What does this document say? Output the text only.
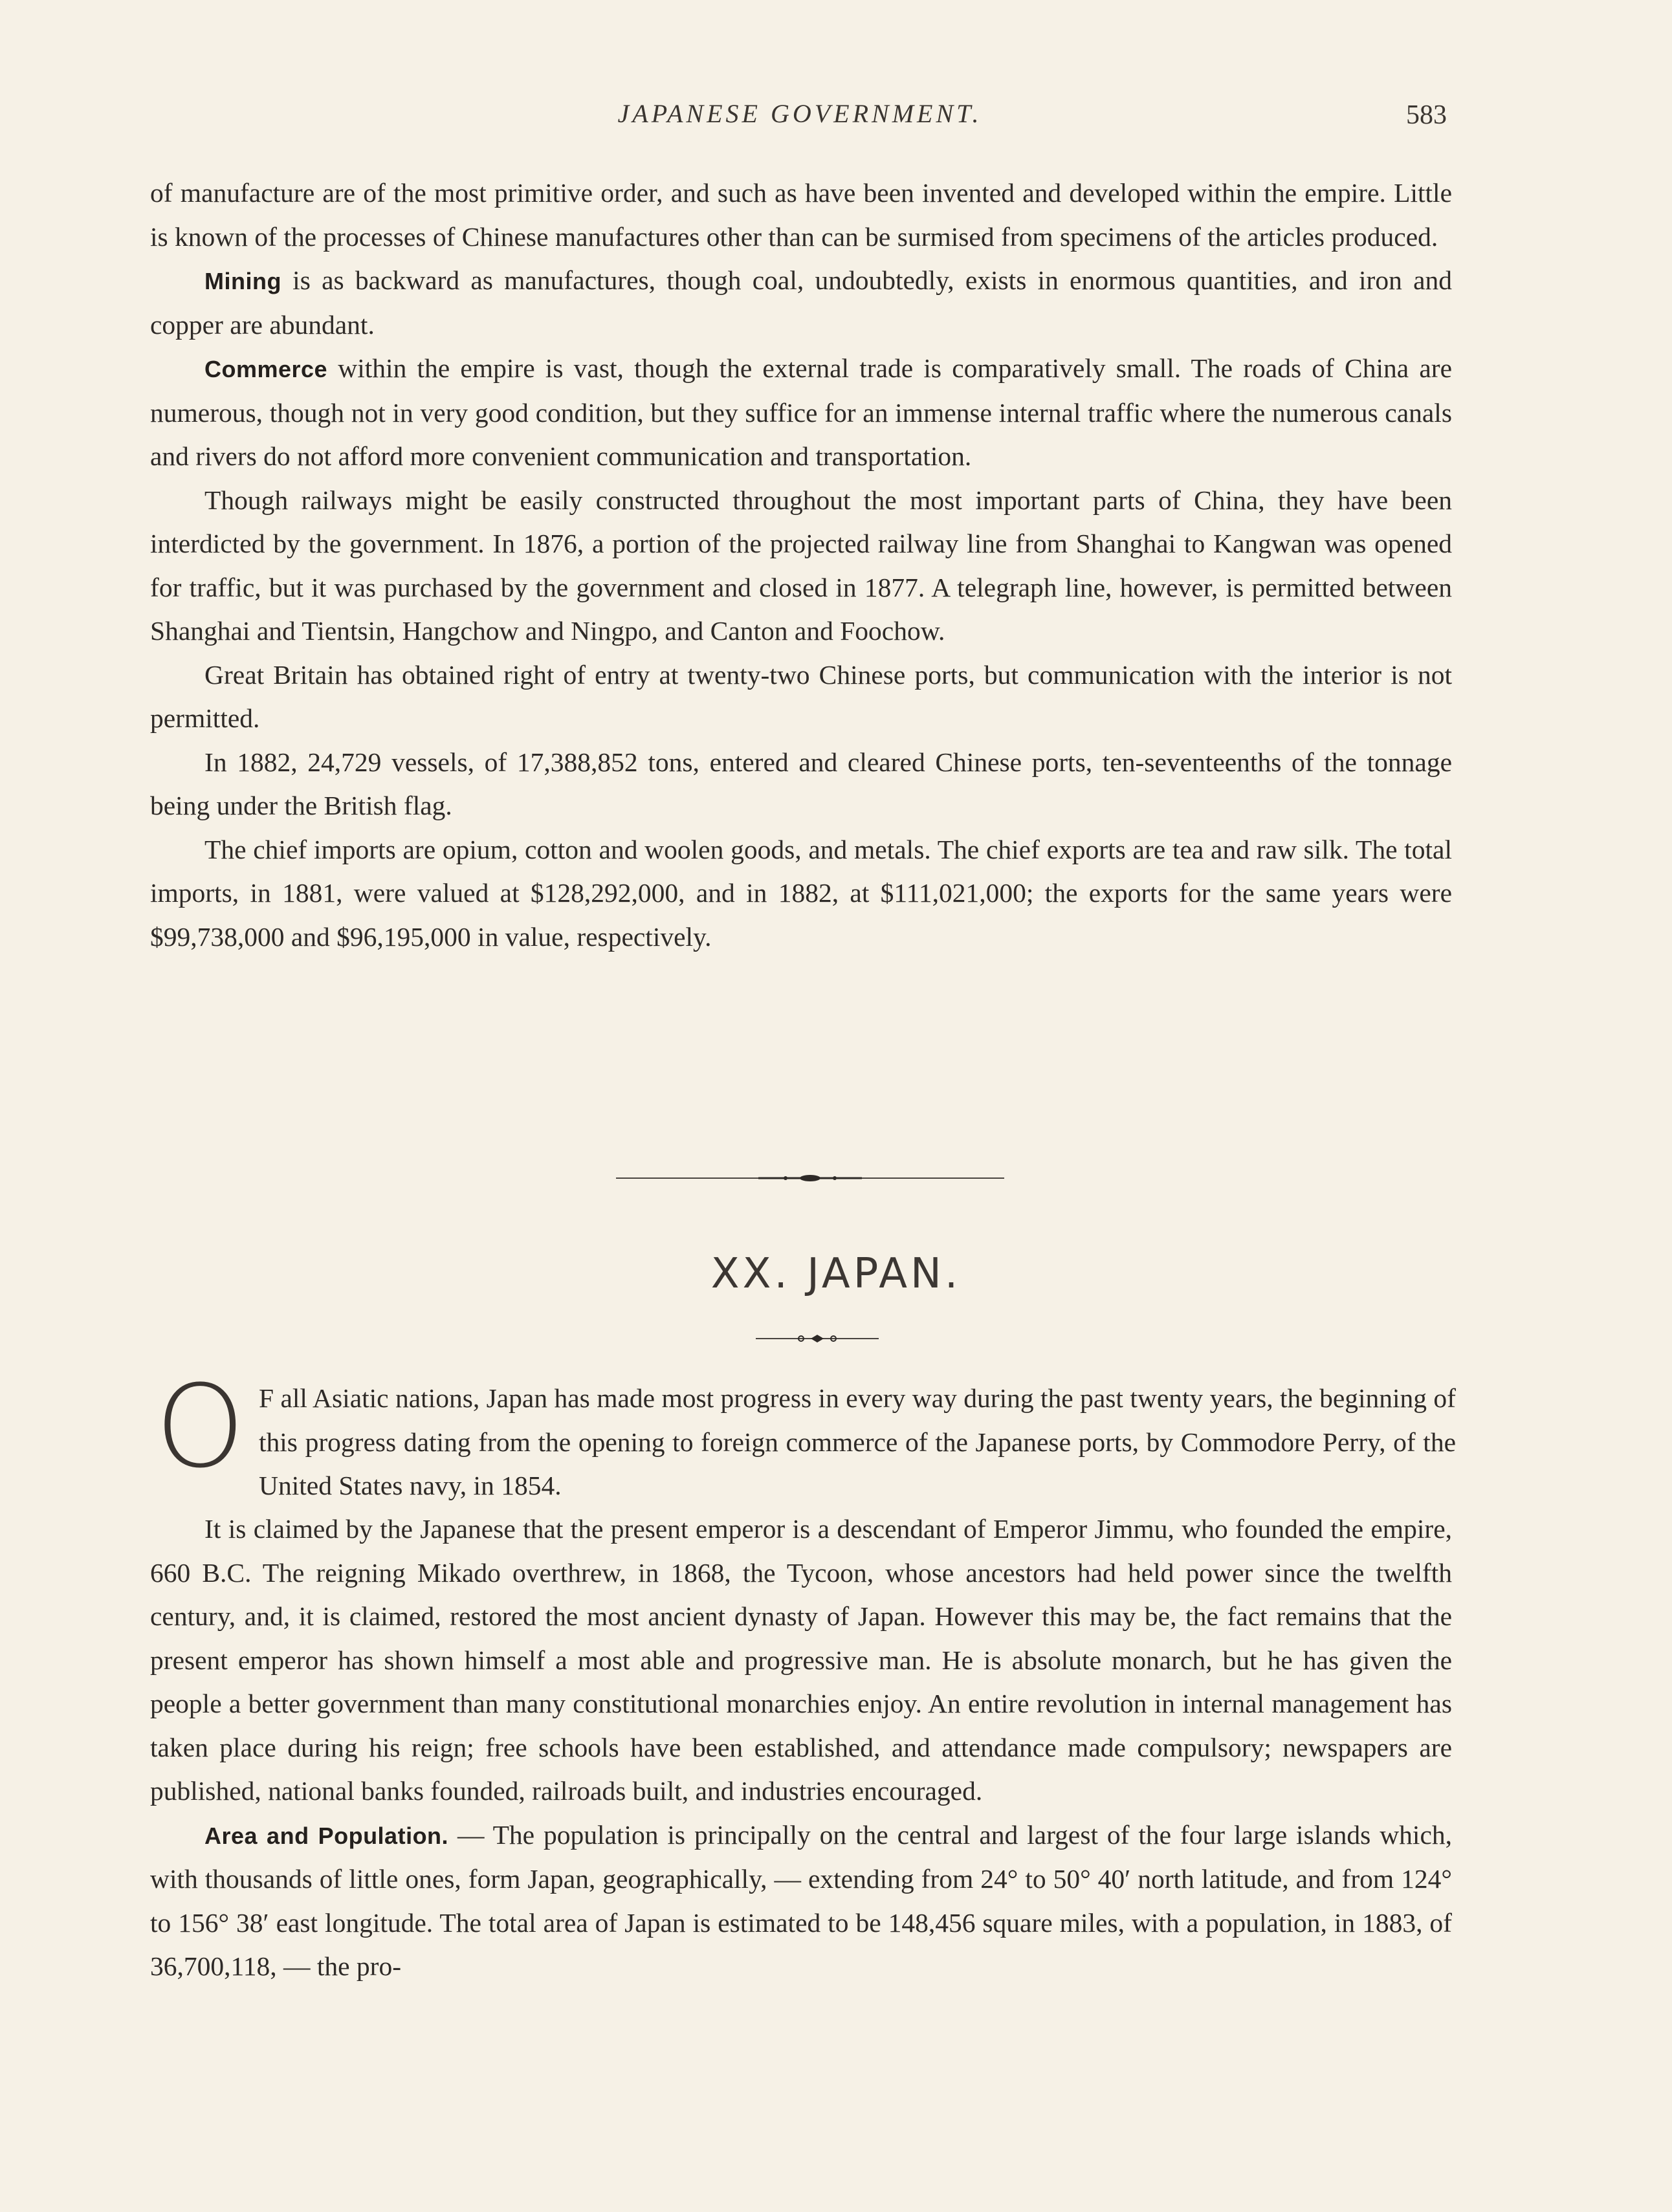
JAPANESE GOVERNMENT.	583

of manufacture are of the most primitive order, and such as have been invented and developed within the empire. Little is known of the processes of Chinese manufactures other than can be surmised from specimens of the articles produced.

Mining is as backward as manufactures, though coal, undoubtedly, exists in enormous quantities, and iron and copper are abundant.

Commerce within the empire is vast, though the external trade is comparatively small. The roads of China are numerous, though not in very good condition, but they suffice for an immense internal traffic where the numerous canals and rivers do not afford more convenient communication and transportation.

Though railways might be easily constructed throughout the most important parts of China, they have been interdicted by the government. In 1876, a portion of the projected railway line from Shanghai to Kangwan was opened for traffic, but it was purchased by the government and closed in 1877. A telegraph line, however, is permitted between Shanghai and Tientsin, Hangchow and Ningpo, and Canton and Foochow.

Great Britain has obtained right of entry at twenty-two Chinese ports, but communication with the interior is not permitted.

In 1882, 24,729 vessels, of 17,388,852 tons, entered and cleared Chinese ports, ten-seventeenths of the tonnage being under the British flag.

The chief imports are opium, cotton and woolen goods, and metals. The chief exports are tea and raw silk. The total imports, in 1881, were valued at $128,292,000, and in 1882, at $111,021,000; the exports for the same years were $99,738,000 and $96,195,000 in value, respectively.

XX. JAPAN.
O F all Asiatic nations, Japan has made most progress in every way during the past twenty years, the beginning of this progress dating from the opening to foreign commerce of the Japanese ports, by Commodore Perry, of the United States navy, in 1854.

It is claimed by the Japanese that the present emperor is a descendant of Emperor Jimmu, who founded the empire, 660 B.C. The reigning Mikado overthrew, in 1868, the Tycoon, whose ancestors had held power since the twelfth century, and, it is claimed, restored the most ancient dynasty of Japan. However this may be, the fact remains that the present emperor has shown himself a most able and progressive man. He is absolute monarch, but he has given the people a better government than many constitutional monarchies enjoy. An entire revolution in internal management has taken place during his reign; free schools have been established, and attendance made compulsory; newspapers are published, national banks founded, railroads built, and industries encouraged.

Area and Population. — The population is principally on the central and largest of the four large islands which, with thousands of little ones, form Japan, geographically, — extending from 24° to 50° 40′ north latitude, and from 124° to 156° 38′ east longitude. The total area of Japan is estimated to be 148,456 square miles, with a population, in 1883, of 36,700,118, — the pro-
